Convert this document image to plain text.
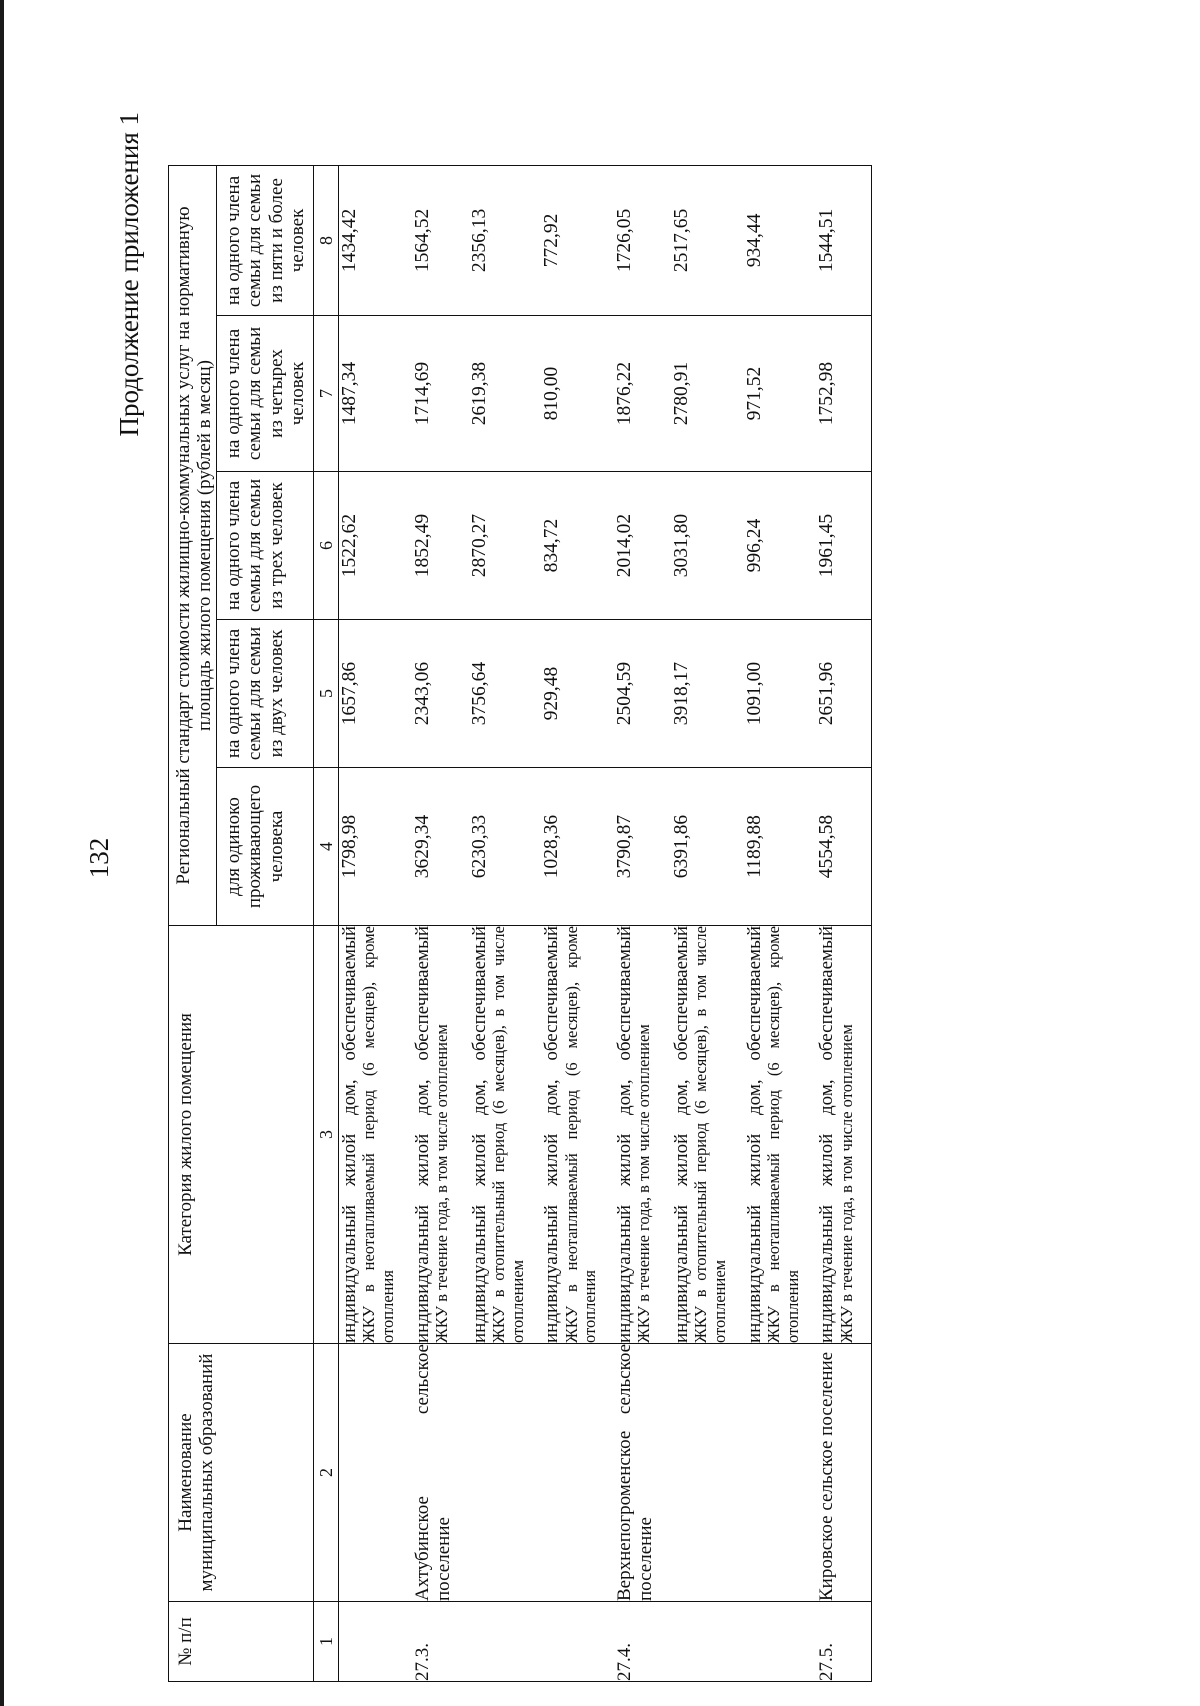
132
Продолжение приложения 1
№ п/п	Наименование муниципальных образований	Категория жилого помещения	Региональный стандарт стоимости жилищно-коммунальных услуг на нормативную площадь жилого помещения (рублей в месяц)				
			для одиноко проживающего человека	на одного члена семьи для семьи из двух человек	на одного члена семьи для семьи из трех человек	на одного члена семьи для семьи из четырех человек	на одного члена семьи для семьи из пяти и более человек
1	2	3	4	5	6	7	8

		индивидуальный жилой дом, обеспечиваемый ЖКУ в неотапливаемый период (6 месяцев), кроме отопления	1798,98	1657,86	1522,62	1487,34	1434,42
27.3.	Ахтубинское сельское поселение	индивидуальный жилой дом, обеспечиваемый ЖКУ в течение года, в том числе отоплением	3629,34	2343,06	1852,49	1714,69	1564,52

		индивидуальный жилой дом, обеспечиваемый ЖКУ в отопительный период (6 месяцев), в том числе отоплением	6230,33	3756,64	2870,27	2619,38	2356,13

		индивидуальный жилой дом, обеспечиваемый ЖКУ в неотапливаемый период (6 месяцев), кроме отопления	1028,36	929,48	834,72	810,00	772,92
27.4.	Верхнепогроменское сельское поселение	индивидуальный жилой дом, обеспечиваемый ЖКУ в течение года, в том числе отоплением	3790,87	2504,59	2014,02	1876,22	1726,05

		индивидуальный жилой дом, обеспечиваемый ЖКУ в отопительный период (6 месяцев), в том числе отоплением	6391,86	3918,17	3031,80	2780,91	2517,65

		индивидуальный жилой дом, обеспечиваемый ЖКУ в неотапливаемый период (6 месяцев), кроме отопления	1189,88	1091,00	996,24	971,52	934,44
27.5.	Кировское сельское поселение	индивидуальный жилой дом, обеспечиваемый ЖКУ в течение года, в том числе отоплением	4554,58	2651,96	1961,45	1752,98	1544,51
